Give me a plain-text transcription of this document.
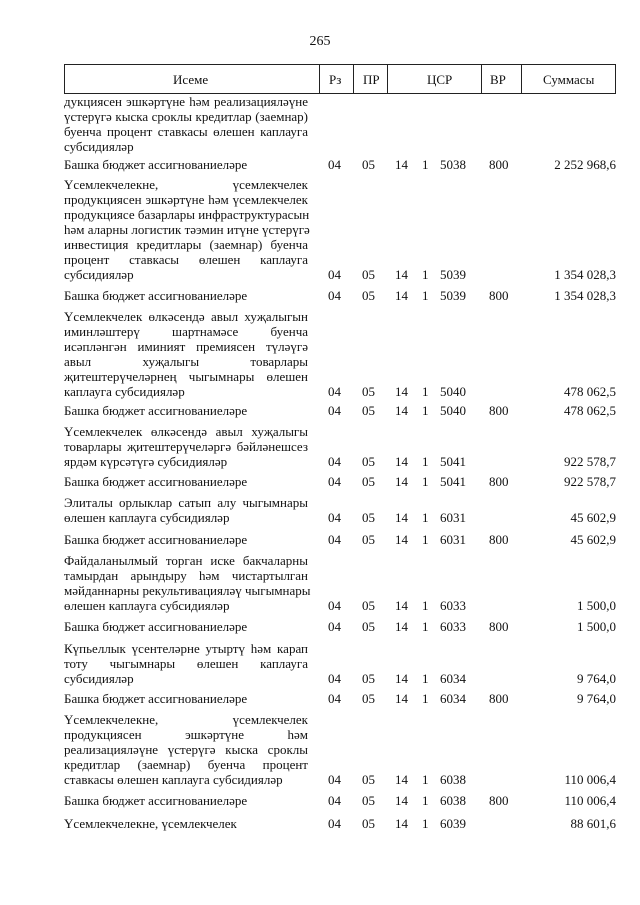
265
Исеме	Рз ПР	ЦСР	ВР	Суммасы
дукциясен эшкәртүне һәм реализацияләүне
үстерүгә кыска сроклы кредитлар (заемнар)
буенча процент ставкасы өлешен каплауга
субсидияләр
Башка бюджет ассигнованиеләре	04 05 14 1 5038 800	2 252 968,6
Үсемлекчелекне, үсемлекчелек
продукциясен эшкәртүне һәм үсемлекчелек
продукциясе базарлары инфраструктурасын
һәм аларны логистик тәэмин итүне үстерүгә
инвестиция кредитлары (заемнар) буенча
процент ставкасы өлешен каплауга
субсидияләр	04 05 14 1 5039	1 354 028,3
Башка бюджет ассигнованиеләре	04 05 14 1 5039 800	1 354 028,3
Үсемлекчелек өлкәсендә авыл хуҗалыгын
иминләштерү шартнамәсе буенча
исәпләнгән иминият премиясен түләүгә
авыл хуҗалыгы товарлары
җитештерүчеләрнең чыгымнары өлешен
каплауга субсидияләр	04 05 14 1 5040	478 062,5
Башка бюджет ассигнованиеләре	04 05 14 1 5040 800	478 062,5
Үсемлекчелек өлкәсендә авыл хуҗалыгы
товарлары җитештерүчеләргә бәйләнешсез
ярдәм күрсәтүгә субсидияләр	04 05 14 1 5041	922 578,7
Башка бюджет ассигнованиеләре	04 05 14 1 5041 800	922 578,7
Элиталы орлыклар сатып алу чыгымнары
өлешен каплауга субсидияләр	04 05 14 1 6031	45 602,9
Башка бюджет ассигнованиеләре	04 05 14 1 6031 800	45 602,9
Файдаланылмый торган иске бакчаларны
тамырдан арындыру һәм чистартылган
мәйданнарны рекультивацияләү чыгымнары
өлешен каплауга субсидияләр	04 05 14 1 6033	1 500,0
Башка бюджет ассигнованиеләре	04 05 14 1 6033 800	1 500,0
Күпьеллык үсентеләрне утыртү һәм карап
тоту чыгымнары өлешен каплауга
субсидияләр	04 05 14 1 6034	9 764,0
Башка бюджет ассигнованиеләре	04 05 14 1 6034 800	9 764,0
Үсемлекчелекне, үсемлекчелек
продукциясен эшкәртүне һәм
реализацияләүне үстерүгә кыска сроклы
кредитлар (заемнар) буенча процент
ставкасы өлешен каплауга субсидияләр	04 05 14 1 6038	110 006,4
Башка бюджет ассигнованиеләре	04 05 14 1 6038 800	110 006,4
Үсемлекчелекне, үсемлекчелек	04 05 14 1 6039	88 601,6
